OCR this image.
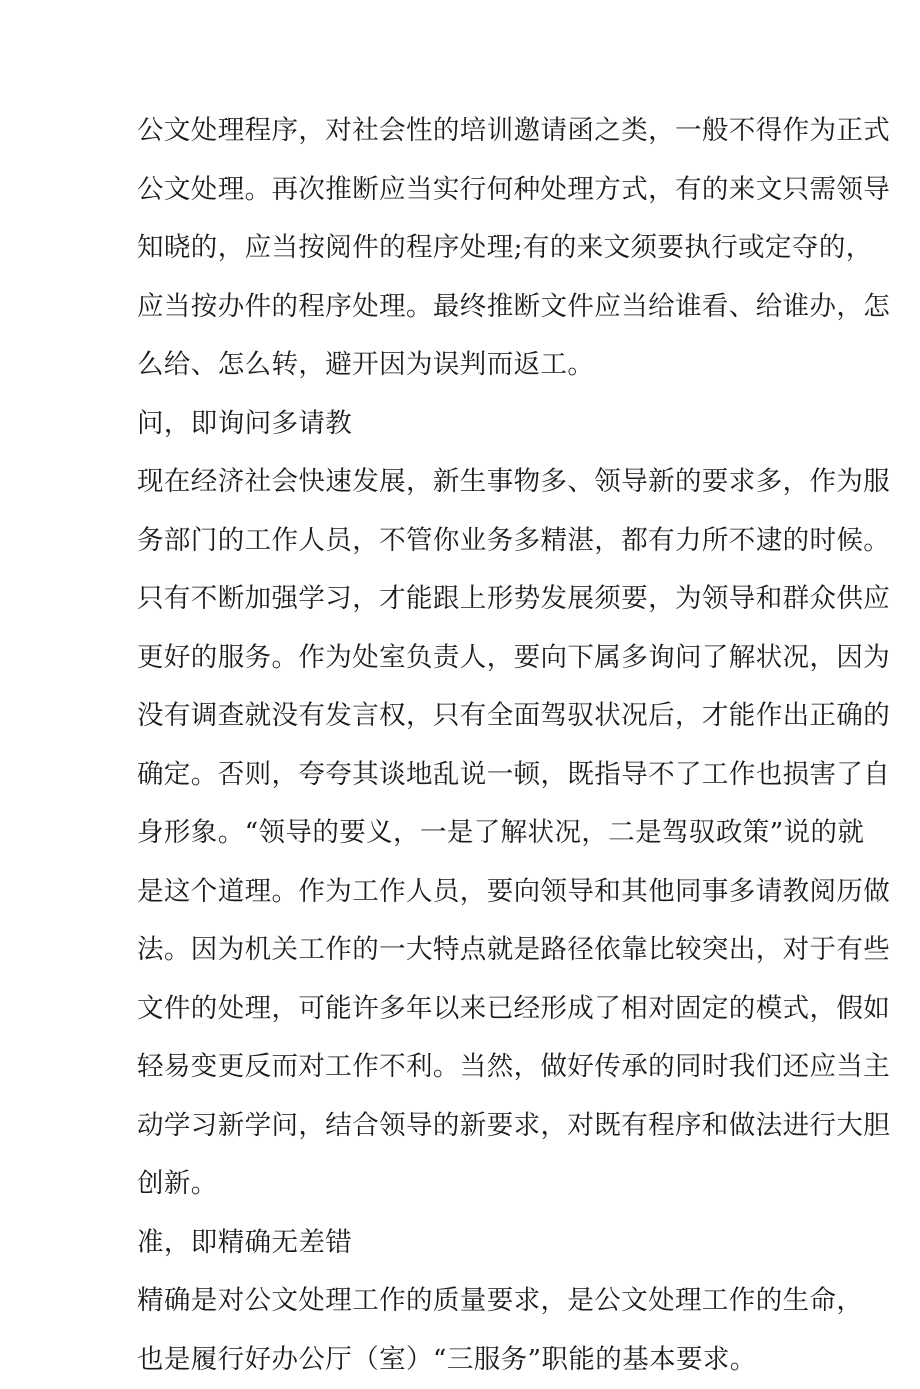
公文处理程序，对社会性的培训邀请函之类，一般不得作为正式
公文处理。再次推断应当实行何种处理方式，有的来文只需领导
知晓的，应当按阅件的程序处理;有的来文须要执行或定夺的，
应当按办件的程序处理。最终推断文件应当给谁看、给谁办，怎
么给、怎么转，避开因为误判而返工。
问，即询问多请教
现在经济社会快速发展，新生事物多、领导新的要求多，作为服
务部门的工作人员，不管你业务多精湛，都有力所不逮的时候。
只有不断加强学习，才能跟上形势发展须要，为领导和群众供应
更好的服务。作为处室负责人，要向下属多询问了解状况，因为
没有调查就没有发言权，只有全面驾驭状况后，才能作出正确的
确定。否则，夸夸其谈地乱说一顿，既指导不了工作也损害了自
身形象。“领导的要义，一是了解状况，二是驾驭政策”说的就
是这个道理。作为工作人员，要向领导和其他同事多请教阅历做
法。因为机关工作的一大特点就是路径依靠比较突出，对于有些
文件的处理，可能许多年以来已经形成了相对固定的模式，假如
轻易变更反而对工作不利。当然，做好传承的同时我们还应当主
动学习新学问，结合领导的新要求，对既有程序和做法进行大胆
创新。
准，即精确无差错
精确是对公文处理工作的质量要求，是公文处理工作的生命，
也是履行好办公厅（室）“三服务”职能的基本要求。
